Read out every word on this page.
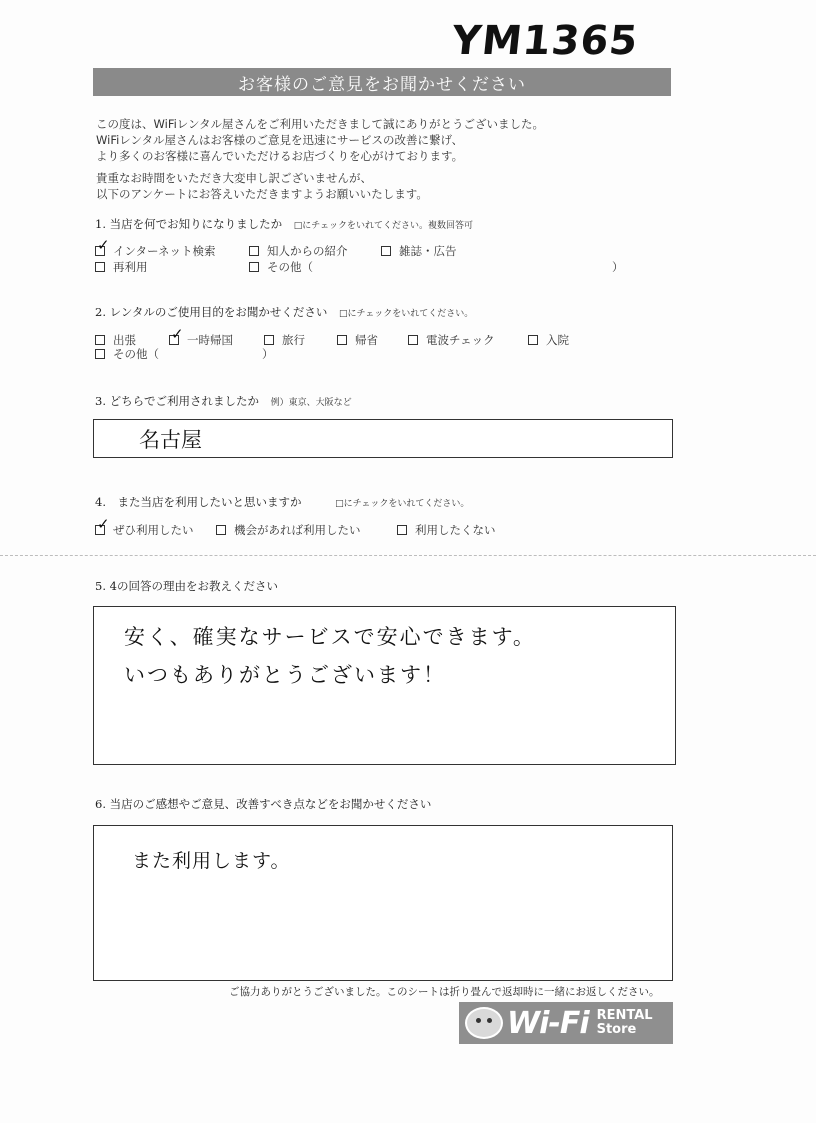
YM1365
お客様のご意見をお聞かせください
この度は、WiFiレンタル屋さんをご利用いただきまして誠にありがとうございました。
WiFiレンタル屋さんはお客様のご意見を迅速にサービスの改善に繋げ、
より多くのお客様に喜んでいただけるお店づくりを心がけております。
貴重なお時間をいただき大変申し訳ございませんが、
以下のアンケートにお答えいただきますようお願いいたします。
1. 当店を何でお知りになりましたか □にチェックをいれてください。複数回答可
✓ インターネット検索	知人からの紹介	雑誌・広告
再利用	その他（	）
2. レンタルのご使用目的をお聞かせください □にチェックをいれてください。
出張 ✓ 一時帰国	旅行	帰省	電波チェック	入院
その他（	）
3. どちらでご利用されましたか 例）東京、大阪など
名古屋
4.　また当店を利用したいと思いますか	□にチェックをいれてください。
✓ ぜひ利用したい	機会があれば利用したい	利用したくない
5. 4の回答の理由をお教えください
安く、確実なサービスで安心できます。
いつもありがとうございます！
6. 当店のご感想やご意見、改善すべき点などをお聞かせください
また利用します。
ご協力ありがとうございました。このシートは折り畳んで返却時に一緒にお返しください。
Wi-Fi RENTAL
Store
